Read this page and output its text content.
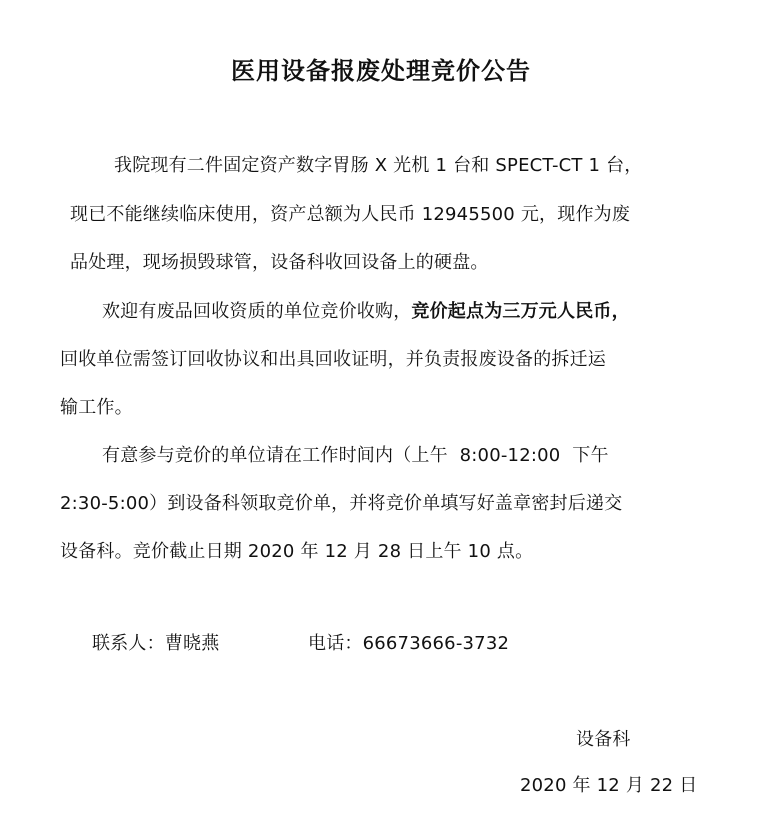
医用设备报废处理竞价公告
我院现有二件固定资产数字胃肠 X 光机 1 台和 SPECT-CT 1 台，
现已不能继续临床使用，资产总额为人民币 12945500 元，现作为废
品处理，现场损毁球管，设备科收回设备上的硬盘。
欢迎有废品回收资质的单位竞价收购，竞价起点为三万元人民币，
回收单位需签订回收协议和出具回收证明，并负责报废设备的拆迁运
输工作。
有意参与竞价的单位请在工作时间内（上午  8:00-12:00  下午
2:30-5:00）到设备科领取竞价单，并将竞价单填写好盖章密封后递交
设备科。竞价截止日期 2020 年 12 月 28 日上午 10 点。
联系人：曹晓燕	电话：66673666-3732
设备科
2020 年 12 月 22 日
